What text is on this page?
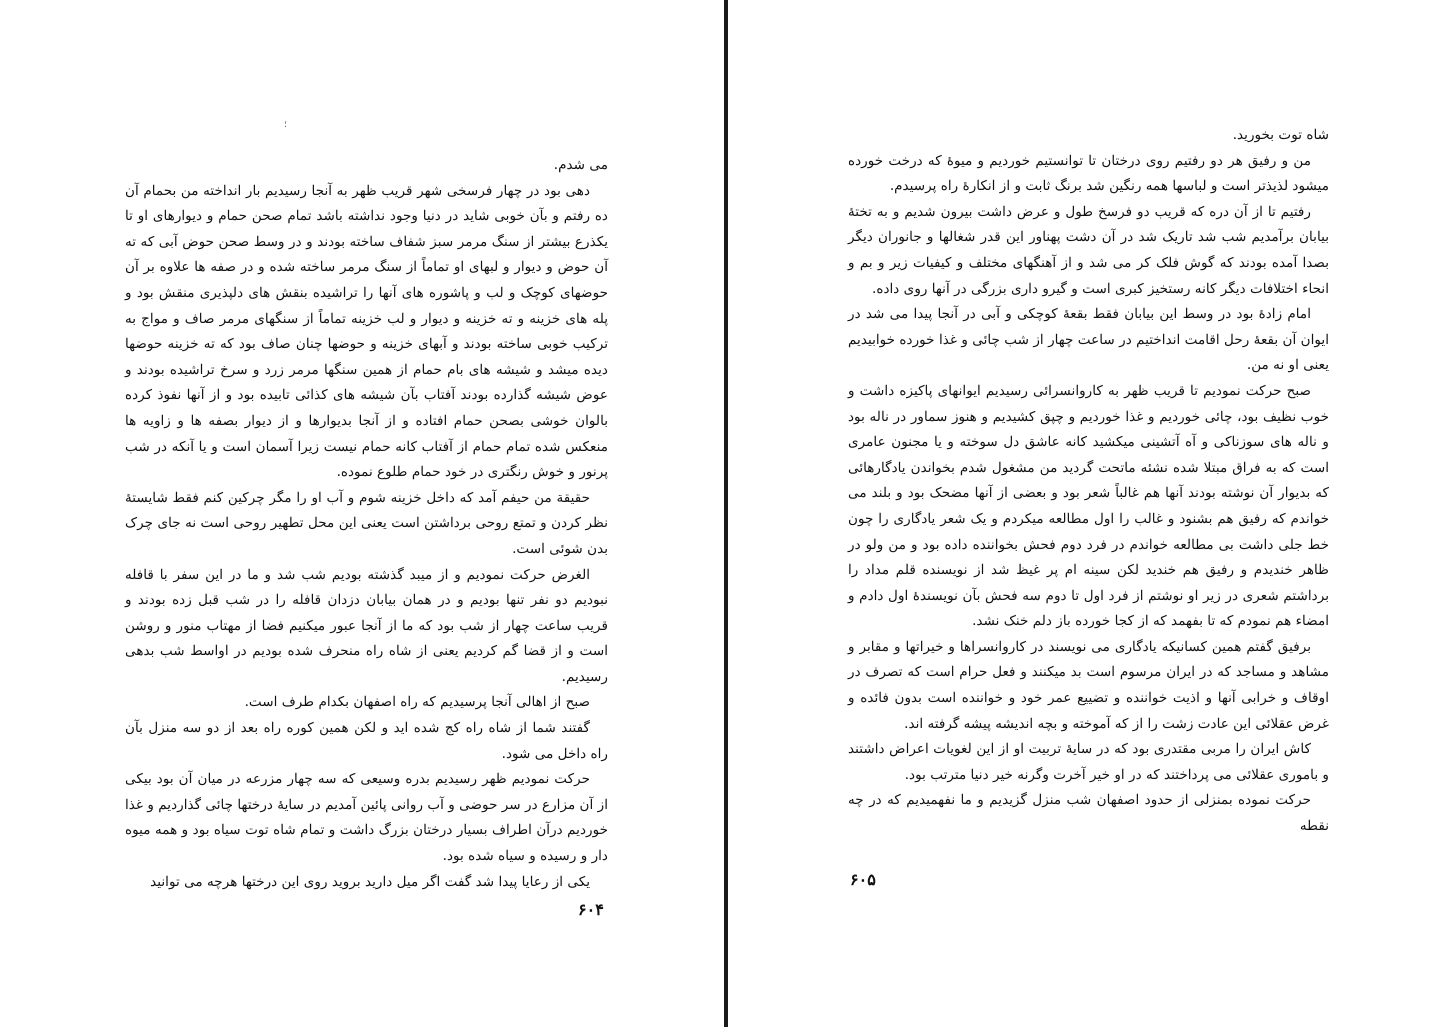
؛

می شدم.

دهی بود در چهار فرسخی شهر قریب ظهر به آنجا رسیدیم بار انداخته من بحمام آن ده رفتم و بآن خوبی شاید در دنیا وجود نداشته باشد تمام صحن حمام و دیوارهای او تا یکذرع بیشتر از سنگ مرمر سبز شفاف ساخته بودند و در وسط صحن حوض آبی که ته آن حوض و دیوار و لبهای او تماماً از سنگ مرمر ساخته شده و در صفه ها علاوه بر آن حوضهای کوچک و لب و پاشوره های آنها را تراشیده بنقش های دلپذیری منقش بود و پله های خزینه و ته خزینه و دیوار و لب خزینه تماماً از سنگهای مرمر صاف و مواج به ترکیب خوبی ساخته بودند و آبهای خزینه و حوضها چنان صاف بود که ته خزینه حوضها دیده میشد و شیشه های بام حمام از همین سنگها مرمر زرد و سرخ تراشیده بودند و عوض شیشه گذارده بودند آفتاب بآن شیشه های کذائی تابیده بود و از آنها نفوذ کرده بالوان خوشی بصحن حمام افتاده و از آنجا بدیوارها و از دیوار بصفه ها و زاویه ها منعکس شده تمام حمام از آفتاب کانه حمام نیست زیرا آسمان است و یا آنکه در شب پرنور و خوش رنگتری در خود حمام طلوع نموده.

حقیقة من حیفم آمد که داخل خزینه شوم و آب او را مگر چرکین کنم فقط شایستهٔ نظر کردن و تمتع روحی برداشتن است یعنی این محل تطهیر روحی است نه جای چرک بدن شوئی است.

الغرض حرکت نمودیم و از میبد گذشته بودیم شب شد و ما در این سفر با قافله نبودیم دو نفر تنها بودیم و در همان بیابان دزدان قافله را در شب قبل زده بودند و قریب ساعت چهار از شب بود که ما از آنجا عبور میکنیم فضا از مهتاب منور و روشن است و از قضا گم کردیم یعنی از شاه راه منحرف شده بودیم در اواسط شب بدهی رسیدیم.

صبح از اهالی آنجا پرسیدیم که راه اصفهان بکدام طرف است.

گفتند شما از شاه راه کج شده اید و لکن همین کوره راه بعد از دو سه منزل بآن راه داخل می شود.

حرکت نمودیم ظهر رسیدیم بدره وسیعی که سه چهار مزرعه در میان آن بود بیکی از آن مزارع در سر حوضی و آب روانی پائین آمدیم در سایهٔ درختها چائی گذاردیم و غذا خوردیم درآن اطراف بسیار درختان بزرگ داشت و تمام شاه توت سیاه بود و همه میوه دار و رسیده و سیاه شده بود.

یکی از رعایا پیدا شد گفت اگر میل دارید بروید روی این درختها هرچه می توانید

۶۰۴

شاه توت بخورید.

من و رفیق هر دو رفتیم روی درختان تا توانستیم خوردیم و میوهٔ که درخت خورده میشود لذیذتر است و لباسها همه رنگین شد برنگ ثابت و از انکارهٔ راه پرسیدم.

رفتیم تا از آن دره که قریب دو فرسخ طول و عرض داشت بیرون شدیم و به تختهٔ بیابان برآمدیم شب شد تاریک شد در آن دشت پهناور این قدر شغالها و جانوران دیگر بصدا آمده بودند که گوش فلک کر می شد و از آهنگهای مختلف و کیفیات زیر و بم و انحاء اختلافات دیگر کانه رستخیز کبری است و گیرو داری بزرگی در آنها روی داده.

امام زادهٔ بود در وسط این بیابان فقط بقعهٔ کوچکی و آبی در آنجا پیدا می شد در ایوان آن بقعهٔ رحل اقامت انداختیم در ساعت چهار از شب چائی و غذا خورده خوابیدیم یعنی او نه من.

صبح حرکت نمودیم تا قریب ظهر به کاروانسرائی رسیدیم ایوانهای پاکیزه داشت و خوب نظیف بود، چائی خوردیم و غذا خوردیم و چپق کشیدیم و هنوز سماور در ناله بود و ناله های سوزناکی و آه آتشینی میکشید کانه عاشق دل سوخته و یا مجنون عامری است که به فراق مبتلا شده نشئه ماتحت گردید من مشغول شدم بخواندن یادگارهائی که بدیوار آن نوشته بودند آنها هم غالباً شعر بود و بعضی از آنها مضحک بود و بلند می خواندم که رفیق هم بشنود و غالب را اول مطالعه میکردم و یک شعر یادگاری را چون خط جلی داشت بی مطالعه خواندم در فرد دوم فحش بخواننده داده بود و من ولو در ظاهر خندیدم و رفیق هم خندید لکن سینه ام پر غیظ شد از نویسنده قلم مداد را برداشتم شعری در زیر او نوشتم از فرد اول تا دوم سه فحش بآن نویسندهٔ اول دادم و امضاء هم نمودم که تا بفهمد که از کجا خورده باز دلم خنک نشد.

برفیق گفتم همین کسانیکه یادگاری می نویسند در کاروانسراها و خیراتها و مقابر و مشاهد و مساجد که در ایران مرسوم است بد میکنند و فعل حرام است که تصرف در اوقاف و خرابی آنها و اذیت خواننده و تضییع عمر خود و خواننده است بدون فائده و غرض عقلائی این عادت زشت را از که آموخته و بچه اندیشه پیشه گرفته اند.

کاش ایران را مربی مقتدری بود که در سایهٔ تربیت او از این لغویات اعراض داشتند و باموری عقلائی می پرداختند که در او خیر آخرت وگرنه خیر دنیا مترتب بود.

حرکت نموده بمنزلی از حدود اصفهان شب منزل گزیدیم و ما نفهمیدیم که در چه نقطه

۶۰۵
